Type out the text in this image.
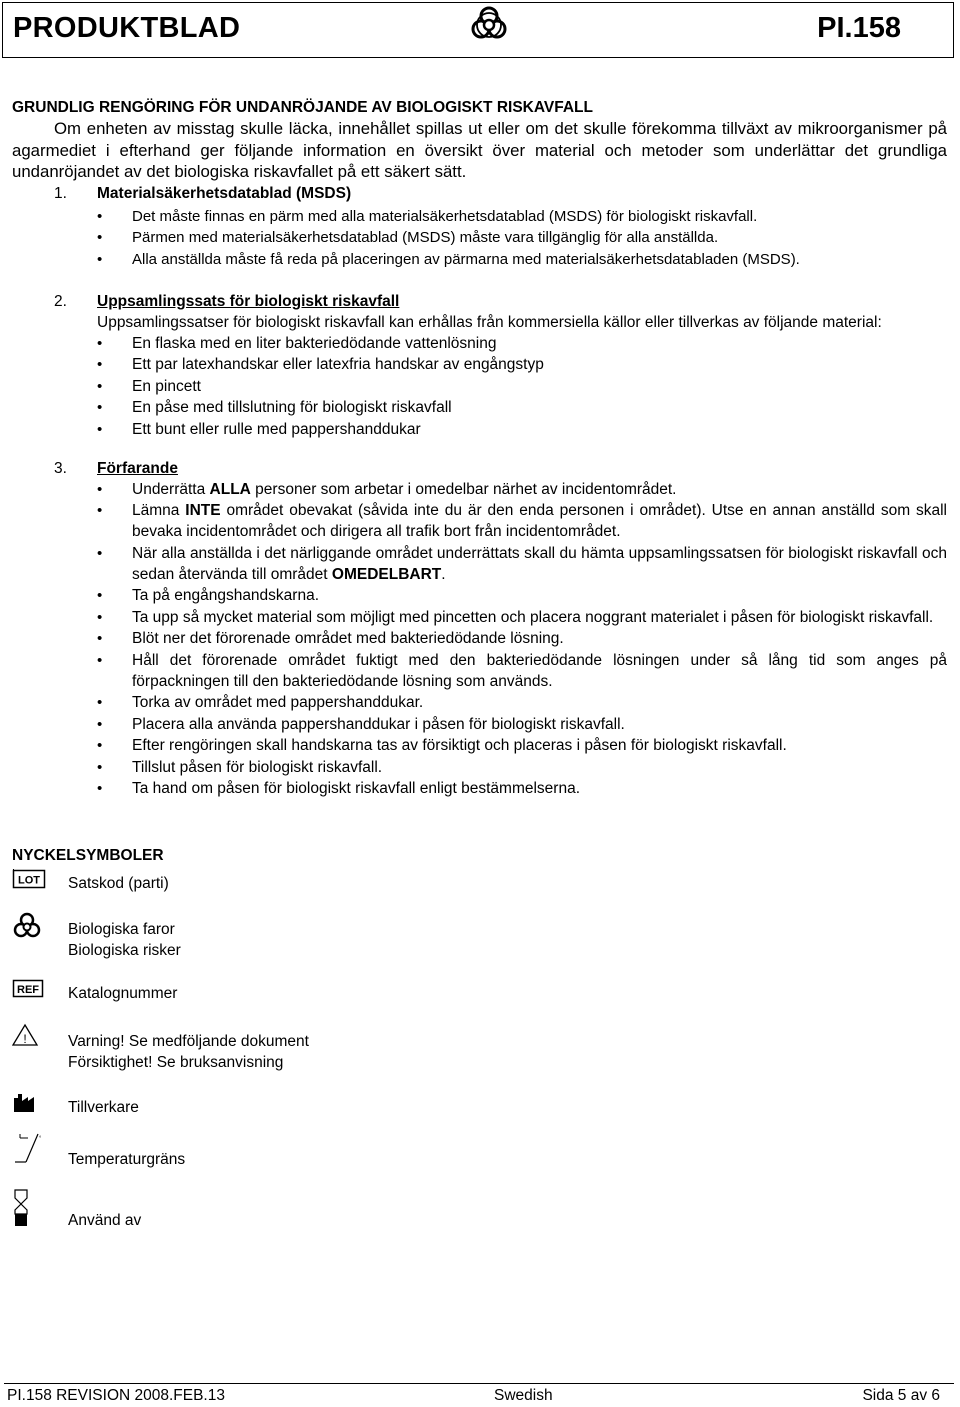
PRODUKTBLAD	PI.158

GRUNDLIG RENGÖRING FÖR UNDANRÖJANDE AV BIOLOGISKT RISKAVFALL

Om enheten av misstag skulle läcka, innehållet spillas ut eller om det skulle förekomma tillväxt av mikroorganismer på agarmediet i efterhand ger följande information en översikt över material och metoder som underlättar det grundliga undanröjandet av det biologiska riskavfallet på ett säkert sätt.

1. Materialsäkerhetsdatablad (MSDS)
• Det måste finnas en pärm med alla materialsäkerhetsdatablad (MSDS) för biologiskt riskavfall.
• Pärmen med materialsäkerhetsdatablad (MSDS) måste vara tillgänglig för alla anställda.
• Alla anställda måste få reda på placeringen av pärmarna med materialsäkerhetsdatabladen (MSDS).
2. Uppsamlingssats för biologiskt riskavfall
Uppsamlingssatser för biologiskt riskavfall kan erhållas från kommersiella källor eller tillverkas av följande material:
• En flaska med en liter bakteriedödande vattenlösning
• Ett par latexhandskar eller latexfria handskar av engångstyp
• En pincett
• En påse med tillslutning för biologiskt riskavfall
• Ett bunt eller rulle med pappershanddukar
3. Förfarande
• Underrätta ALLA personer som arbetar i omedelbar närhet av incidentområdet.
• Lämna INTE området obevakat (såvida inte du är den enda personen i området). Utse en annan anställd som skall bevaka incidentområdet och dirigera all trafik bort från incidentområdet.
• När alla anställda i det närliggande området underrättats skall du hämta uppsamlingssatsen för biologiskt riskavfall och sedan återvända till området OMEDELBART.
• Ta på engångshandskarna.
• Ta upp så mycket material som möjligt med pincetten och placera noggrant materialet i påsen för biologiskt riskavfall.
• Blöt ner det förorenade området med bakteriedödande lösning.
• Håll det förorenade området fuktigt med den bakteriedödande lösningen under så lång tid som anges på förpackningen till den bakteriedödande lösning som används.
• Torka av området med pappershanddukar.
• Placera alla använda pappershanddukar i påsen för biologiskt riskavfall.
• Efter rengöringen skall handskarna tas av försiktigt och placeras i påsen för biologiskt riskavfall.
• Tillslut påsen för biologiskt riskavfall.
• Ta hand om påsen för biologiskt riskavfall enligt bestämmelserna.
NYCKELSYMBOLER
LOT Satskod (parti)
Biologiska faror
Biologiska risker
REF Katalognummer
!	Varning! Se medföljande dokument
Försiktighet! Se bruksanvisning
Tillverkare
°
Temperaturgräns
Använd av
PI.158 REVISION 2008.FEB.13	Swedish	Sida 5 av 6
